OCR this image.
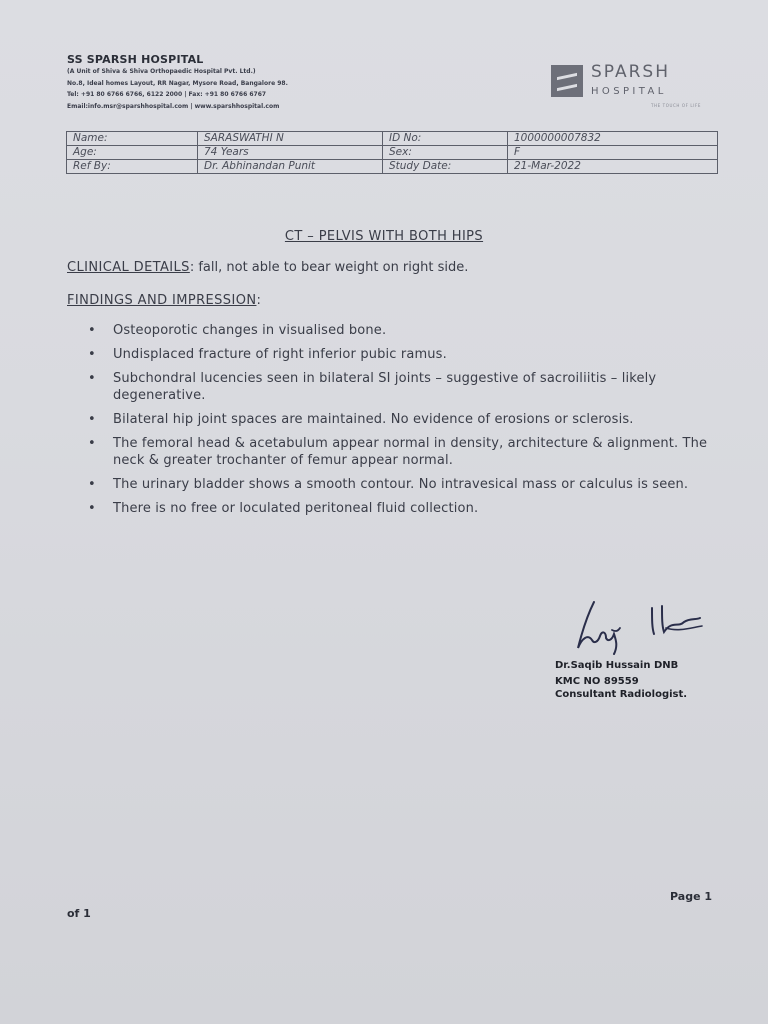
SS SPARSH HOSPITAL
(A Unit of Shiva & Shiva Orthopaedic Hospital Pvt. Ltd.)
No.8, Ideal homes Layout, RR Nagar, Mysore Road, Bangalore 98.
Tel: +91 80 6766 6766, 6122 2000 | Fax: +91 80 6766 6767
Email:info.msr@sparshhospital.com | www.sparshhospital.com
SPARSH
HOSPITAL
THE TOUCH OF LIFE
Name:	SARASWATHI N	ID No:	1000000007832
Age:	74 Years	Sex:	F
Ref By:	Dr. Abhinandan Punit	Study Date:	21-Mar-2022
CT – PELVIS WITH BOTH HIPS
CLINICAL DETAILS: fall, not able to bear weight on right side.
FINDINGS AND IMPRESSION:
• Osteoporotic changes in visualised bone.
• Undisplaced fracture of right inferior pubic ramus.
• Subchondral lucencies seen in bilateral SI joints – suggestive of sacroiliitis – likely degenerative.
• Bilateral hip joint spaces are maintained. No evidence of erosions or sclerosis.
• The femoral head & acetabulum appear normal in density, architecture & alignment. The neck & greater trochanter of femur appear normal.
• The urinary bladder shows a smooth contour. No intravesical mass or calculus is seen.
• There is no free or loculated peritoneal fluid collection.
Dr.Saqib Hussain DNB
KMC NO 89559
Consultant Radiologist.
Page 1
of 1
